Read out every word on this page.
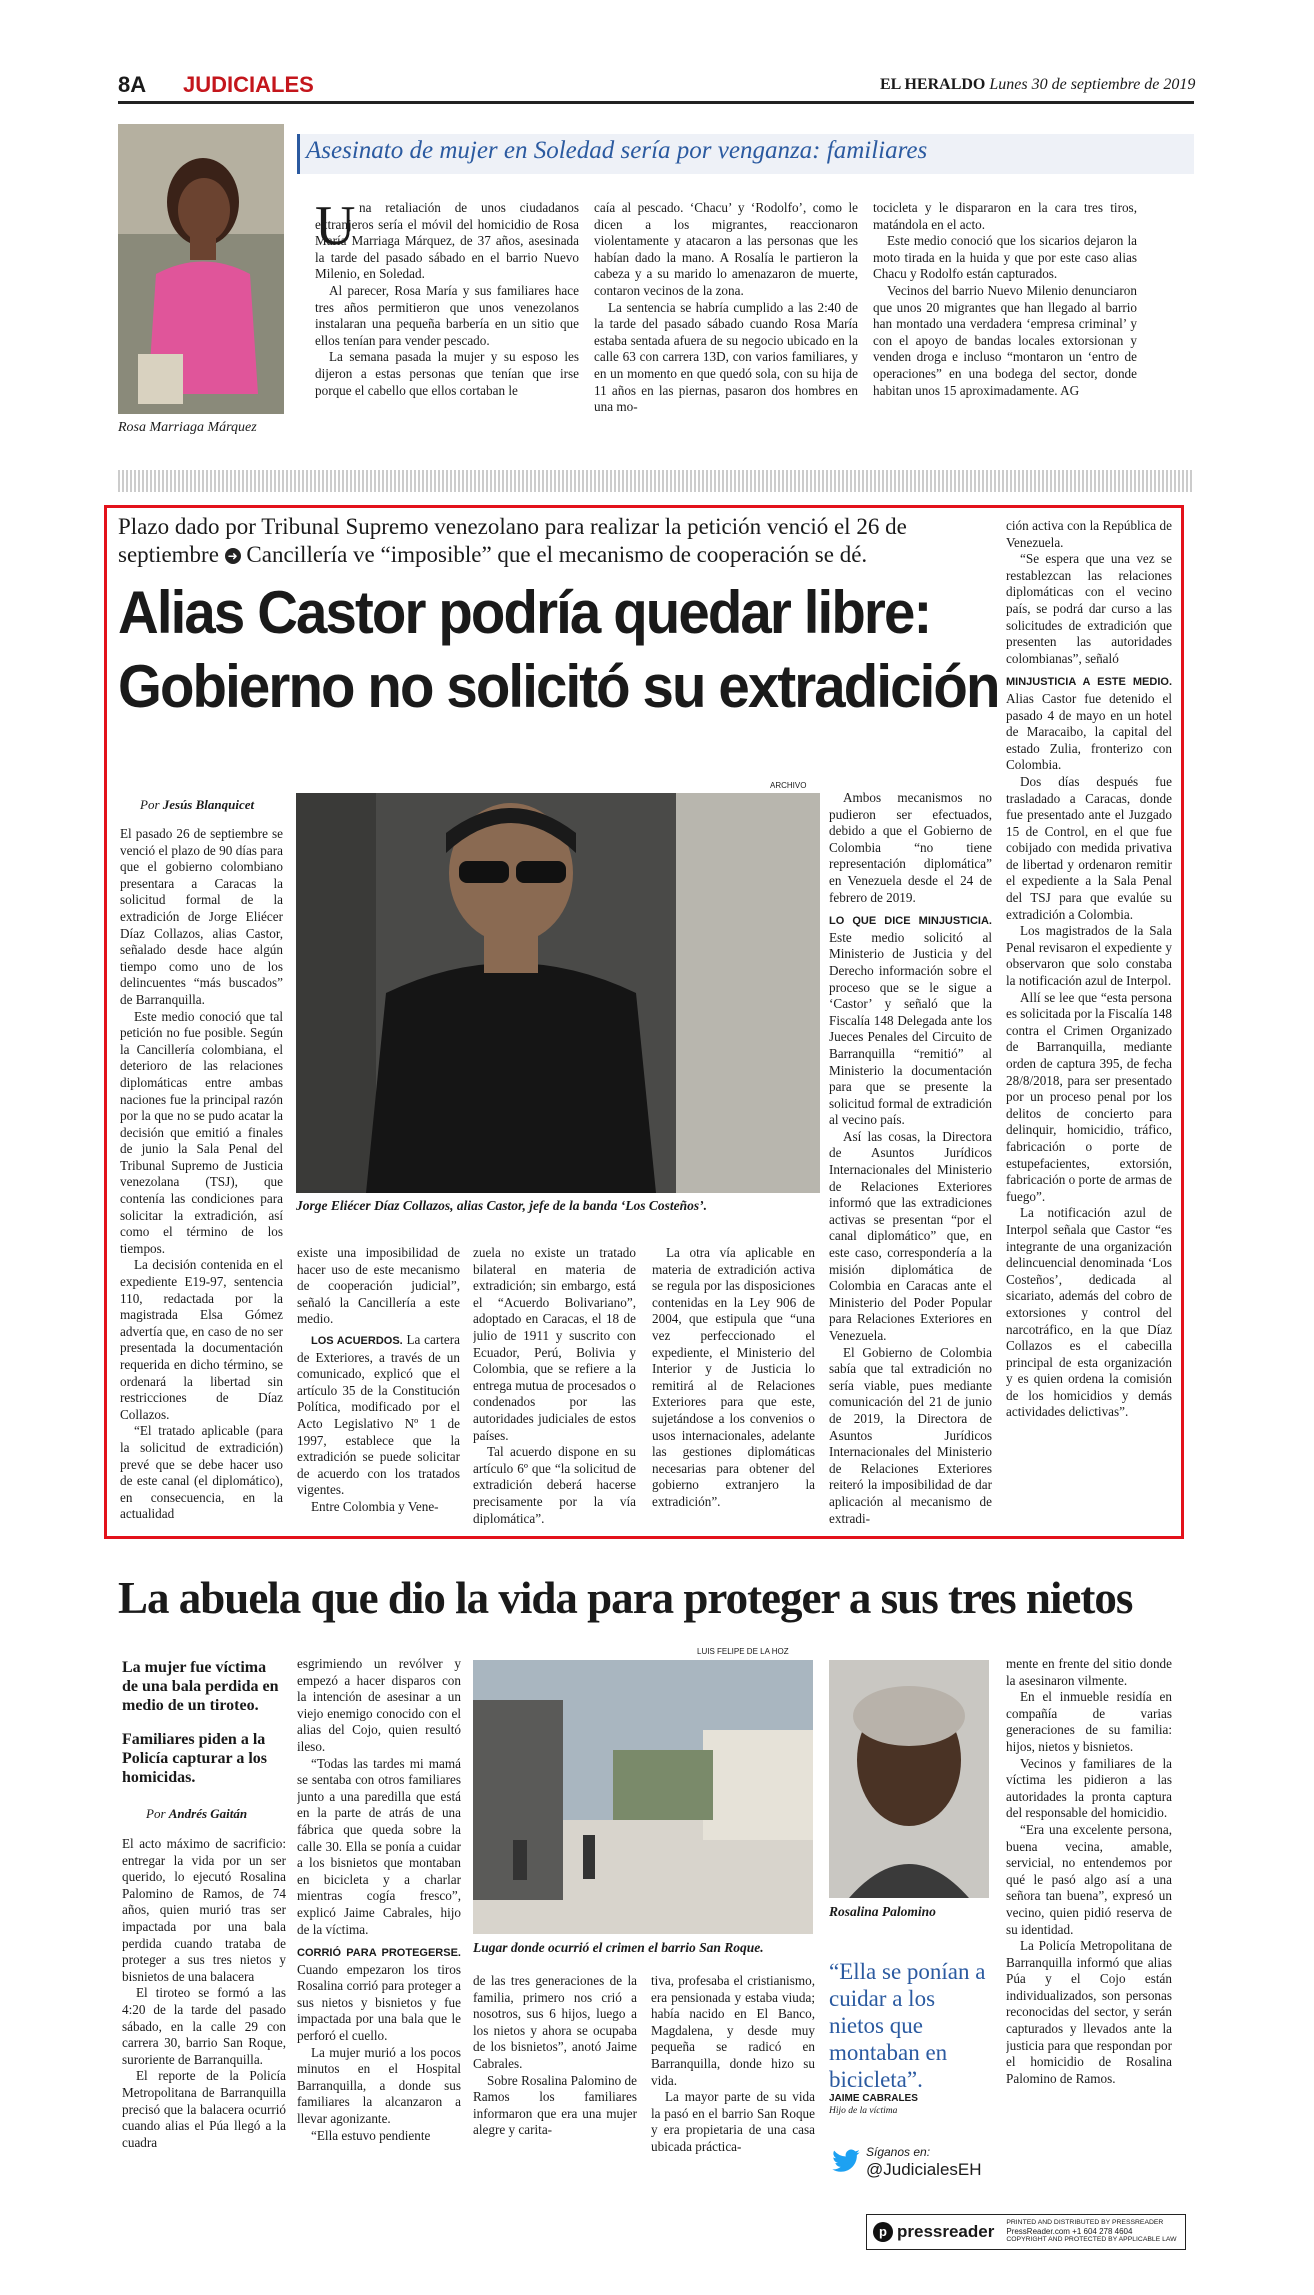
8A JUDICIALES	EL HERALDO Lunes 30 de septiembre de 2019
Rosa Marriaga Márquez
Asesinato de mujer en Soledad sería por venganza: familiares
U na retaliación de unos ciudadanos extranjeros sería el móvil del homicidio de Rosa María Marriaga Márquez, de 37 años, asesinada la tarde del pasado sábado en el barrio Nuevo Milenio, en Soledad.

Al parecer, Rosa María y sus familiares hace tres años permitieron que unos venezolanos instalaran una pequeña barbería en un sitio que ellos tenían para vender pescado.

La semana pasada la mujer y su esposo les dijeron a estas personas que tenían que irse porque el cabello que ellos cortaban le

caía al pescado. ‘Chacu’ y ‘Rodolfo’, como le dicen a los migrantes, reaccionaron violentamente y atacaron a las personas que les habían dado la mano. A Rosalía le partieron la cabeza y a su marido lo amenazaron de muerte, contaron vecinos de la zona.

La sentencia se habría cumplido a las 2:40 de la tarde del pasado sábado cuando Rosa María estaba sentada afuera de su negocio ubicado en la calle 63 con carrera 13D, con varios familiares, y en un momento en que quedó sola, con su hija de 11 años en las piernas, pasaron dos hombres en una mo-

tocicleta y le dispararon en la cara tres tiros, matándola en el acto.

Este medio conoció que los sicarios dejaron la moto tirada en la huida y que por este caso alias Chacu y Rodolfo están capturados.

Vecinos del barrio Nuevo Milenio denunciaron que unos 20 migrantes que han llegado al barrio han montado una verdadera ‘empresa criminal’ y con el apoyo de bandas locales extorsionan y venden droga e incluso “montaron un ‘entro de operaciones” en una bodega del sector, donde habitan unos 15 aproximadamente. AG

Plazo dado por Tribunal Supremo venezolano para realizar la petición venció el 26 de septiembre ➜ Cancillería ve “imposible” que el mecanismo de cooperación se dé.
Alias Castor podría quedar libre:
Gobierno no solicitó su extradición
Por Jesús Blanquicet
ARCHIVO
Jorge Eliécer Díaz Collazos, alias Castor, jefe de la banda ‘Los Costeños’.

El pasado 26 de septiembre se venció el plazo de 90 días para que el gobierno colombiano presentara a Caracas la solicitud formal de la extradición de Jorge Eliécer Díaz Collazos, alias Castor, señalado desde hace algún tiempo como uno de los delincuentes “más buscados” de Barranquilla.

Este medio conoció que tal petición no fue posible. Según la Cancillería colombiana, el deterioro de las relaciones diplomáticas entre ambas naciones fue la principal razón por la que no se pudo acatar la decisión que emitió a finales de junio la Sala Penal del Tribunal Supremo de Justicia venezolana (TSJ), que contenía las condiciones para solicitar la extradición, así como el término de los tiempos.

La decisión contenida en el expediente E19-97, sentencia 110, redactada por la magistrada Elsa Gómez advertía que, en caso de no ser presentada la documentación requerida en dicho término, se ordenará la libertad sin restricciones de Díaz Collazos.

“El tratado aplicable (para la solicitud de extradición) prevé que se debe hacer uso de este canal (el diplomático), en consecuencia, en la actualidad

existe una imposibilidad de hacer uso de este mecanismo de cooperación judicial”, señaló la Cancillería a este medio.

LOS ACUERDOS. La cartera de Exteriores, a través de un comunicado, explicó que el artículo 35 de la Constitución Política, modificado por el Acto Legislativo Nº 1 de 1997, establece que la extradición se puede solicitar de acuerdo con los tratados vigentes.

Entre Colombia y Vene-

zuela no existe un tratado bilateral en materia de extradición; sin embargo, está el “Acuerdo Bolivariano”, adoptado en Caracas, el 18 de julio de 1911 y suscrito con Ecuador, Perú, Bolivia y Colombia, que se refiere a la entrega mutua de procesados o condenados por las autoridades judiciales de estos países.

Tal acuerdo dispone en su artículo 6º que “la solicitud de extradición deberá hacerse precisamente por la vía diplomática”.

La otra vía aplicable en materia de extradición activa se regula por las disposiciones contenidas en la Ley 906 de 2004, que estipula que “una vez perfeccionado el expediente, el Ministerio del Interior y de Justicia lo remitirá al de Relaciones Exteriores para que este, sujetándose a los convenios o usos internacionales, adelante las gestiones diplomáticas necesarias para obtener del gobierno extranjero la extradición”.

Ambos mecanismos no pudieron ser efectuados, debido a que el Gobierno de Colombia “no tiene representación diplomática” en Venezuela desde el 24 de febrero de 2019.

LO QUE DICE MINJUSTICIA. Este medio solicitó al Ministerio de Justicia y del Derecho información sobre el proceso que se le sigue a ‘Castor’ y señaló que la Fiscalía 148 Delegada ante los Jueces Penales del Circuito de Barranquilla “remitió” al Ministerio la documentación para que se presente la solicitud formal de extradición al vecino país.

Así las cosas, la Directora de Asuntos Jurídicos Internacionales del Ministerio de Relaciones Exteriores informó que las extradiciones activas se presentan “por el canal diplomático” que, en este caso, correspondería a la misión diplomática de Colombia en Caracas ante el Ministerio del Poder Popular para Relaciones Exteriores en Venezuela.

El Gobierno de Colombia sabía que tal extradición no sería viable, pues mediante comunicación del 21 de junio de 2019, la Directora de Asuntos Jurídicos Internacionales del Ministerio de Relaciones Exteriores reiteró la imposibilidad de dar aplicación al mecanismo de extradi-

ción activa con la República de Venezuela.

“Se espera que una vez se restablezcan las relaciones diplomáticas con el vecino país, se podrá dar curso a las solicitudes de extradición que presenten las autoridades colombianas”, señaló

MINJUSTICIA A ESTE MEDIO. Alias Castor fue detenido el pasado 4 de mayo en un hotel de Maracaibo, la capital del estado Zulia, fronterizo con Colombia.

Dos días después fue trasladado a Caracas, donde fue presentado ante el Juzgado 15 de Control, en el que fue cobijado con medida privativa de libertad y ordenaron remitir el expediente a la Sala Penal del TSJ para que evalúe su extradición a Colombia.

Los magistrados de la Sala Penal revisaron el expediente y observaron que solo constaba la notificación azul de Interpol.

Allí se lee que “esta persona es solicitada por la Fiscalía 148 contra el Crimen Organizado de Barranquilla, mediante orden de captura 395, de fecha 28/8/2018, para ser presentado por un proceso penal por los delitos de concierto para delinquir, homicidio, tráfico, fabricación o porte de estupefacientes, extorsión, fabricación o porte de armas de fuego”.

La notificación azul de Interpol señala que Castor “es integrante de una organización delincuencial denominada ‘Los Costeños’, dedicada al sicariato, además del cobro de extorsiones y control del narcotráfico, en la que Díaz Collazos es el cabecilla principal de esta organización y es quien ordena la comisión de los homicidios y demás actividades delictivas”.

La abuela que dio la vida para proteger a sus tres nietos
La mujer fue víctima de una bala perdida en medio de un tiroteo.
Familiares piden a la Policía capturar a los homicidas.
Por Andrés Gaitán

El acto máximo de sacrificio: entregar la vida por un ser querido, lo ejecutó Rosalina Palomino de Ramos, de 74 años, quien murió tras ser impactada por una bala perdida cuando trataba de proteger a sus tres nietos y bisnietos de una balacera

El tiroteo se formó a las 4:20 de la tarde del pasado sábado, en la calle 29 con carrera 30, barrio San Roque, suroriente de Barranquilla.

El reporte de la Policía Metropolitana de Barranquilla precisó que la balacera ocurrió cuando alias el Púa llegó a la cuadra

esgrimiendo un revólver y empezó a hacer disparos con la intención de asesinar a un viejo enemigo conocido con el alias del Cojo, quien resultó ileso.

“Todas las tardes mi mamá se sentaba con otros familiares junto a una paredilla que está en la parte de atrás de una fábrica que queda sobre la calle 30. Ella se ponía a cuidar a los bisnietos que montaban en bicicleta y a charlar mientras cogía fresco”, explicó Jaime Cabrales, hijo de la víctima.

CORRIÓ PARA PROTEGERSE. Cuando empezaron los tiros Rosalina corrió para proteger a sus nietos y bisnietos y fue impactada por una bala que le perforó el cuello.

La mujer murió a los pocos minutos en el Hospital Barranquilla, a donde sus familiares la alcanzaron a llevar agonizante.

“Ella estuvo pendiente

LUIS FELIPE DE LA HOZ
Lugar donde ocurrió el crimen el barrio San Roque.

de las tres generaciones de la familia, primero nos crió a nosotros, sus 6 hijos, luego a los nietos y ahora se ocupaba de los bisnietos”, anotó Jaime Cabrales.

Sobre Rosalina Palomino de Ramos los familiares informaron que era una mujer alegre y carita-

tiva, profesaba el cristianismo, era pensionada y estaba viuda; había nacido en El Banco, Magdalena, y desde muy pequeña se radicó en Barranquilla, donde hizo su vida.

La mayor parte de su vida la pasó en el barrio San Roque y era propietaria de una casa ubicada práctica-

Rosalina Palomino
“Ella se ponían a cuidar a los nietos que montaban en bicicleta”.
JAIME CABRALES
Hijo de la víctima
Síganos en:
@JudicialesEH

mente en frente del sitio donde la asesinaron vilmente.

En el inmueble residía en compañía de varias generaciones de su familia: hijos, nietos y bisnietos.

Vecinos y familiares de la víctima les pidieron a las autoridades la pronta captura del responsable del homicidio.

“Era una excelente persona, buena vecina, amable, servicial, no entendemos por qué le pasó algo así a una señora tan buena”, expresó un vecino, quien pidió reserva de su identidad.

La Policía Metropolitana de Barranquilla informó que alias Púa y el Cojo están individualizados, son personas reconocidas del sector, y serán capturados y llevados ante la justicia para que respondan por el homicidio de Rosalina Palomino de Ramos.

p pressreader PRINTED AND DISTRIBUTED BY PRESSREADER
PressReader.com +1 604 278 4604
COPYRIGHT AND PROTECTED BY APPLICABLE LAW
